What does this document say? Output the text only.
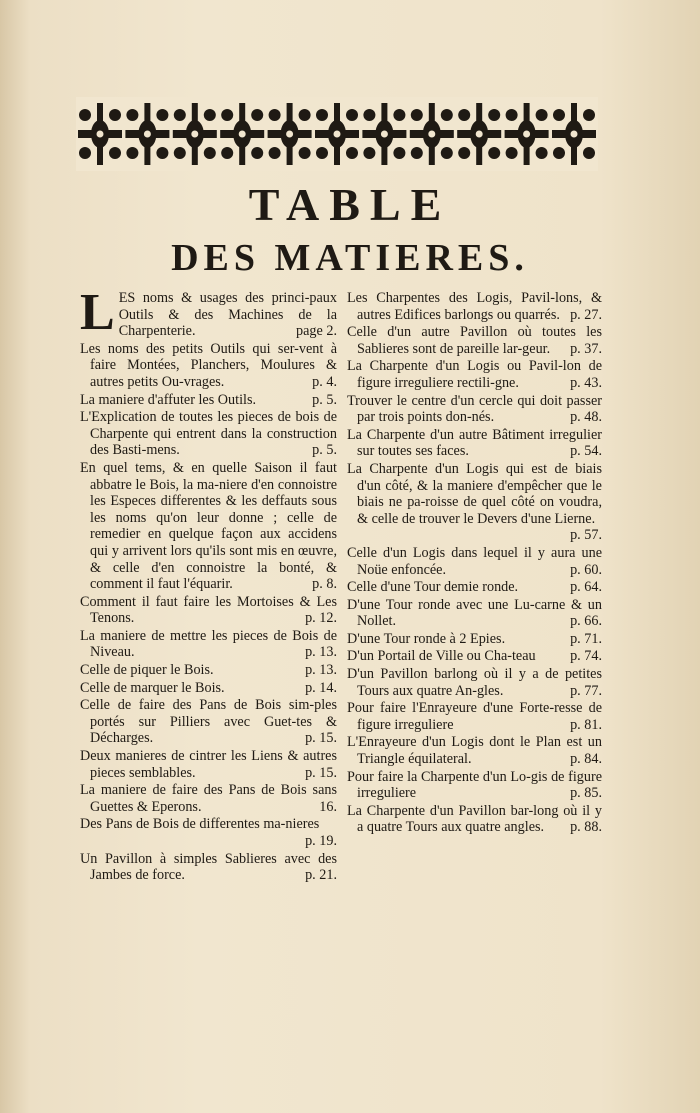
TABLE
DES MATIERES.
LES noms & usages des princi-paux Outils & des Machines de la Charpenterie.	page 2.
Les noms des petits Outils qui ser-vent à faire Montées, Planchers, Moulures & autres petits Ou-vrages.	p. 4.
La maniere d'affuter les Outils.	p. 5.
L'Explication de toutes les pieces de bois de Charpente qui entrent dans la construction des Basti-mens.	p. 5.
En quel tems, & en quelle Saison il faut abbatre le Bois, la ma-niere d'en connoistre les Especes differentes & les deffauts sous les noms qu'on leur donne ; celle de remedier en quelque façon aux accidens qui y arrivent lors qu'ils sont mis en œuvre, & celle d'en connoistre la bonté, & comment il faut l'équarir.	p. 8.
Comment il faut faire les Mortoises & Les Tenons.	p. 12.
La maniere de mettre les pieces de Bois de Niveau.	p. 13.
Celle de piquer le Bois.	p. 13.
Celle de marquer le Bois.	p. 14.
Celle de faire des Pans de Bois sim-ples portés sur Pilliers avec Guet-tes & Décharges.	p. 15.
Deux manieres de cintrer les Liens & autres pieces semblables.	p. 15.
La maniere de faire des Pans de Bois sans Guettes & Eperons.	16.
Des Pans de Bois de differentes ma-nieres
p. 19.
Un Pavillon à simples Sablieres avec des Jambes de force.	p. 21.
Les Charpentes des Logis, Pavil-lons, & autres Edifices barlongs ou quarrés. p. 27.
Celle d'un autre Pavillon où toutes les Sablieres sont de pareille lar-geur. p. 37.
La Charpente d'un Logis ou Pavil-lon de figure irreguliere rectili-gne.	p. 43.
Trouver le centre d'un cercle qui doit passer par trois points don-nés.	p. 48.
La Charpente d'un autre Bâtiment irregulier sur toutes ses faces.	p. 54.
La Charpente d'un Logis qui est de biais d'un côté, & la maniere d'empêcher que le biais ne pa-roisse de quel côté on voudra, & celle de trouver le Devers d'une Lierne.
p. 57.
Celle d'un Logis dans lequel il y aura une Noüe enfoncée.	p. 60.
Celle d'une Tour demie ronde.	p. 64.
D'une Tour ronde avec une Lu-carne & un Nollet.	p. 66.
D'une Tour ronde à 2 Epies.	p. 71.
D'un Portail de Ville ou Cha-teau p. 74.
D'un Pavillon barlong où il y a de petites Tours aux quatre An-gles.	p. 77.
Pour faire l'Enrayeure d'une Forte-resse de figure irreguliere	p. 81.
L'Enrayeure d'un Logis dont le Plan est un Triangle équilateral.	p. 84.
Pour faire la Charpente d'un Lo-gis de figure irreguliere	p. 85.
La Charpente d'un Pavillon bar-long où il y a quatre Tours aux quatre angles. p. 88.
